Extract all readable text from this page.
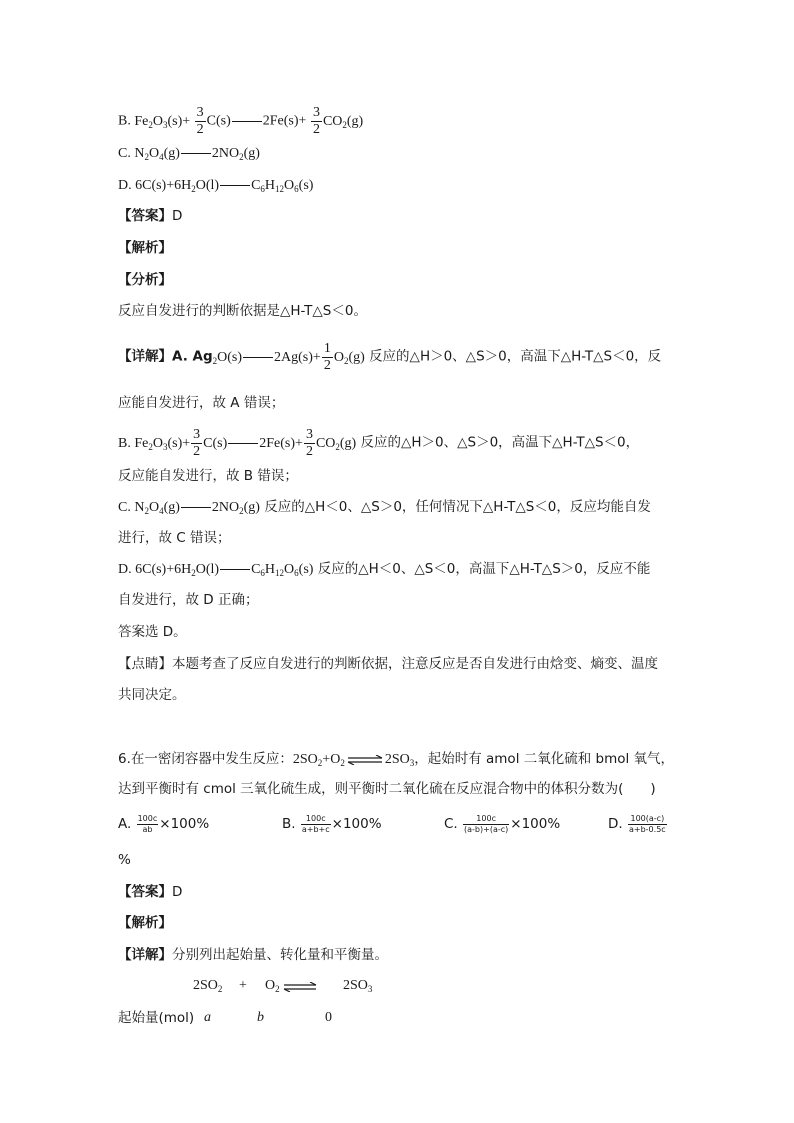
B. $Fe_2O_3(s)+ \frac{3}{2} C(s)$ $2Fe(s)+ \frac{3}{2} CO_2(g)$
C. $N_2O_4(g)$ $2NO_2(g)$
D. $6C(s)+6H_2O(l)$ $C_6H_{12}O_6(s)$
【答案】D
【解析】
【分析】
反应自发进行的判断依据是△H-T△S＜0。
【详解】A. $Ag_2O(s)$ $2Ag(s)+ \frac{1}{2} O_2(g)$ 反应的△H＞0、△S＞0，高温下△H-T△S＜0，反
应能自发进行，故 A 错误；
B. $Fe_2O_3(s)+ \frac{3}{2} C(s)$ $2Fe(s)+ \frac{3}{2} CO_2(g)$ 反应的△H＞0、△S＞0，高温下△H-T△S＜0，
反应能自发进行，故 B 错误；
C. $N_2O_4(g)$ $2NO_2(g)$ 反应的△H＜0、△S＞0，任何情况下△H-T△S＜0，反应均能自发
进行，故 C 错误；
D. $6C(s)+6H_2O(l)$ $C_6H_{12}O_6(s)$ 反应的△H＜0、△S＜0，高温下△H-T△S＞0，反应不能
自发进行，故 D 正确；
答案选 D。
【点睛】本题考查了反应自发进行的判断依据，注意反应是否自发进行由焓变、熵变、温度
共同决定。
6.在一密闭容器中发生反应：$2SO_2+O_2$ ⇌ $2SO_3$，起始时有 amol 二氧化硫和 bmol 氧气，
达到平衡时有 cmol 三氧化硫生成，则平衡时二氧化硫在反应混合物中的体积分数为(　　)
A. $\frac{100c}{ab} \times 100\%$	B. $\frac{100c}{a+b+c} \times 100\%$	C. $\frac{100c}{(a-b)+(a-c)} \times 100\%$	D. $\frac{100(a-c)}{a+b-0.5c}$
%
【答案】D
【解析】
【详解】分别列出起始量、转化量和平衡量。
$2SO_2 + O_2$ ⇌ $2SO_3$
起始量(mol) a	b	0
